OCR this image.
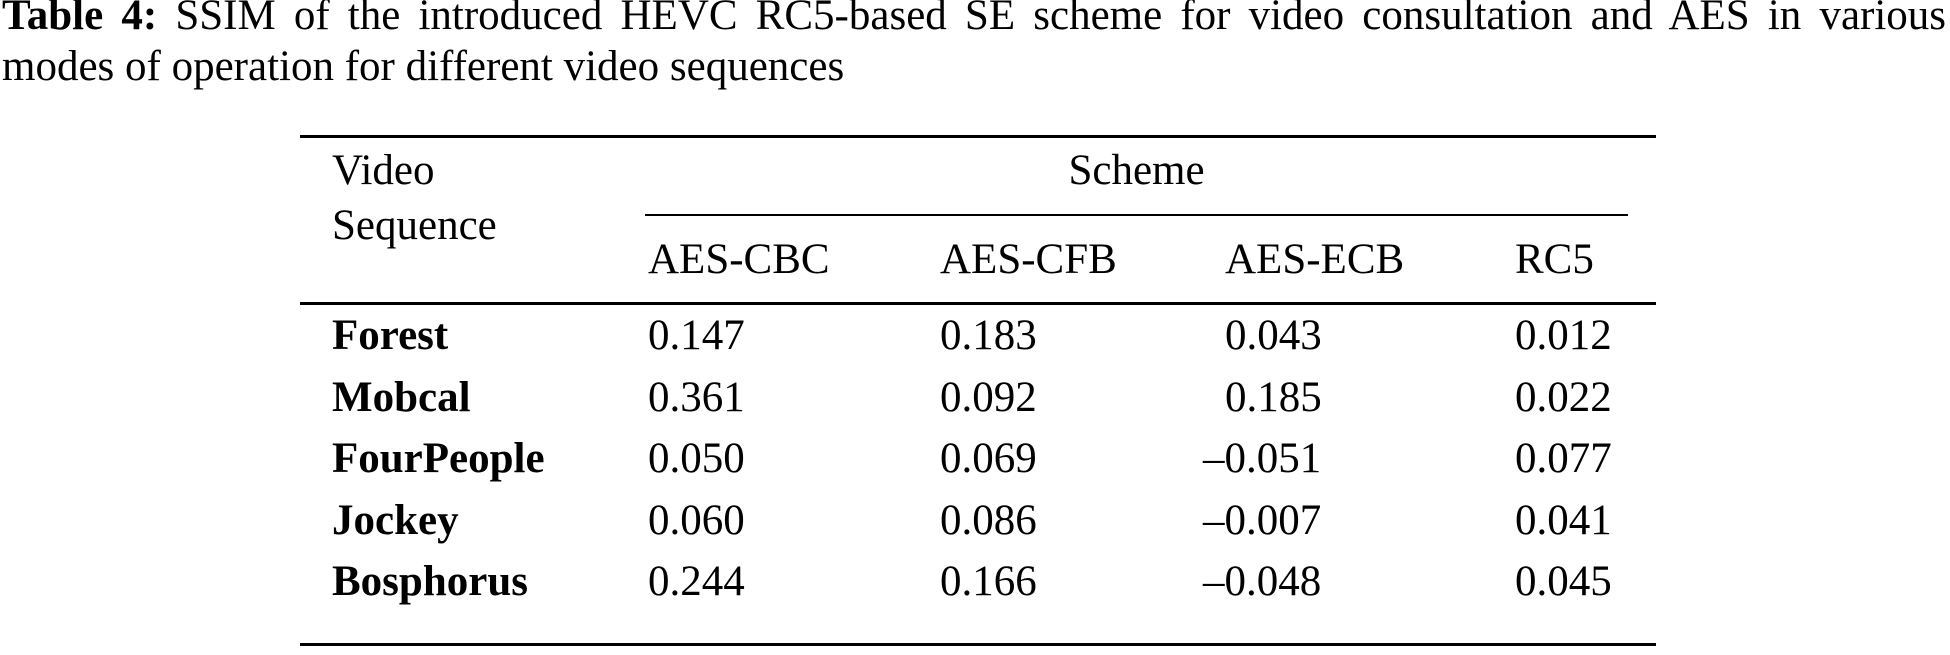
Table 4: SSIM of the introduced HEVC RC5-based SE scheme for video consultation and AES in various
modes of operation for different video sequences
Video
Sequence
Scheme
AES-CBC	AES-CFB	AES-ECB	RC5
Forest	0.147	0.183	0.043	0.012
Mobcal	0.361	0.092	0.185	0.022
FourPeople	0.050	0.069	–0.051	0.077
Jockey	0.060	0.086	–0.007	0.041
Bosphorus	0.244	0.166	–0.048	0.045
